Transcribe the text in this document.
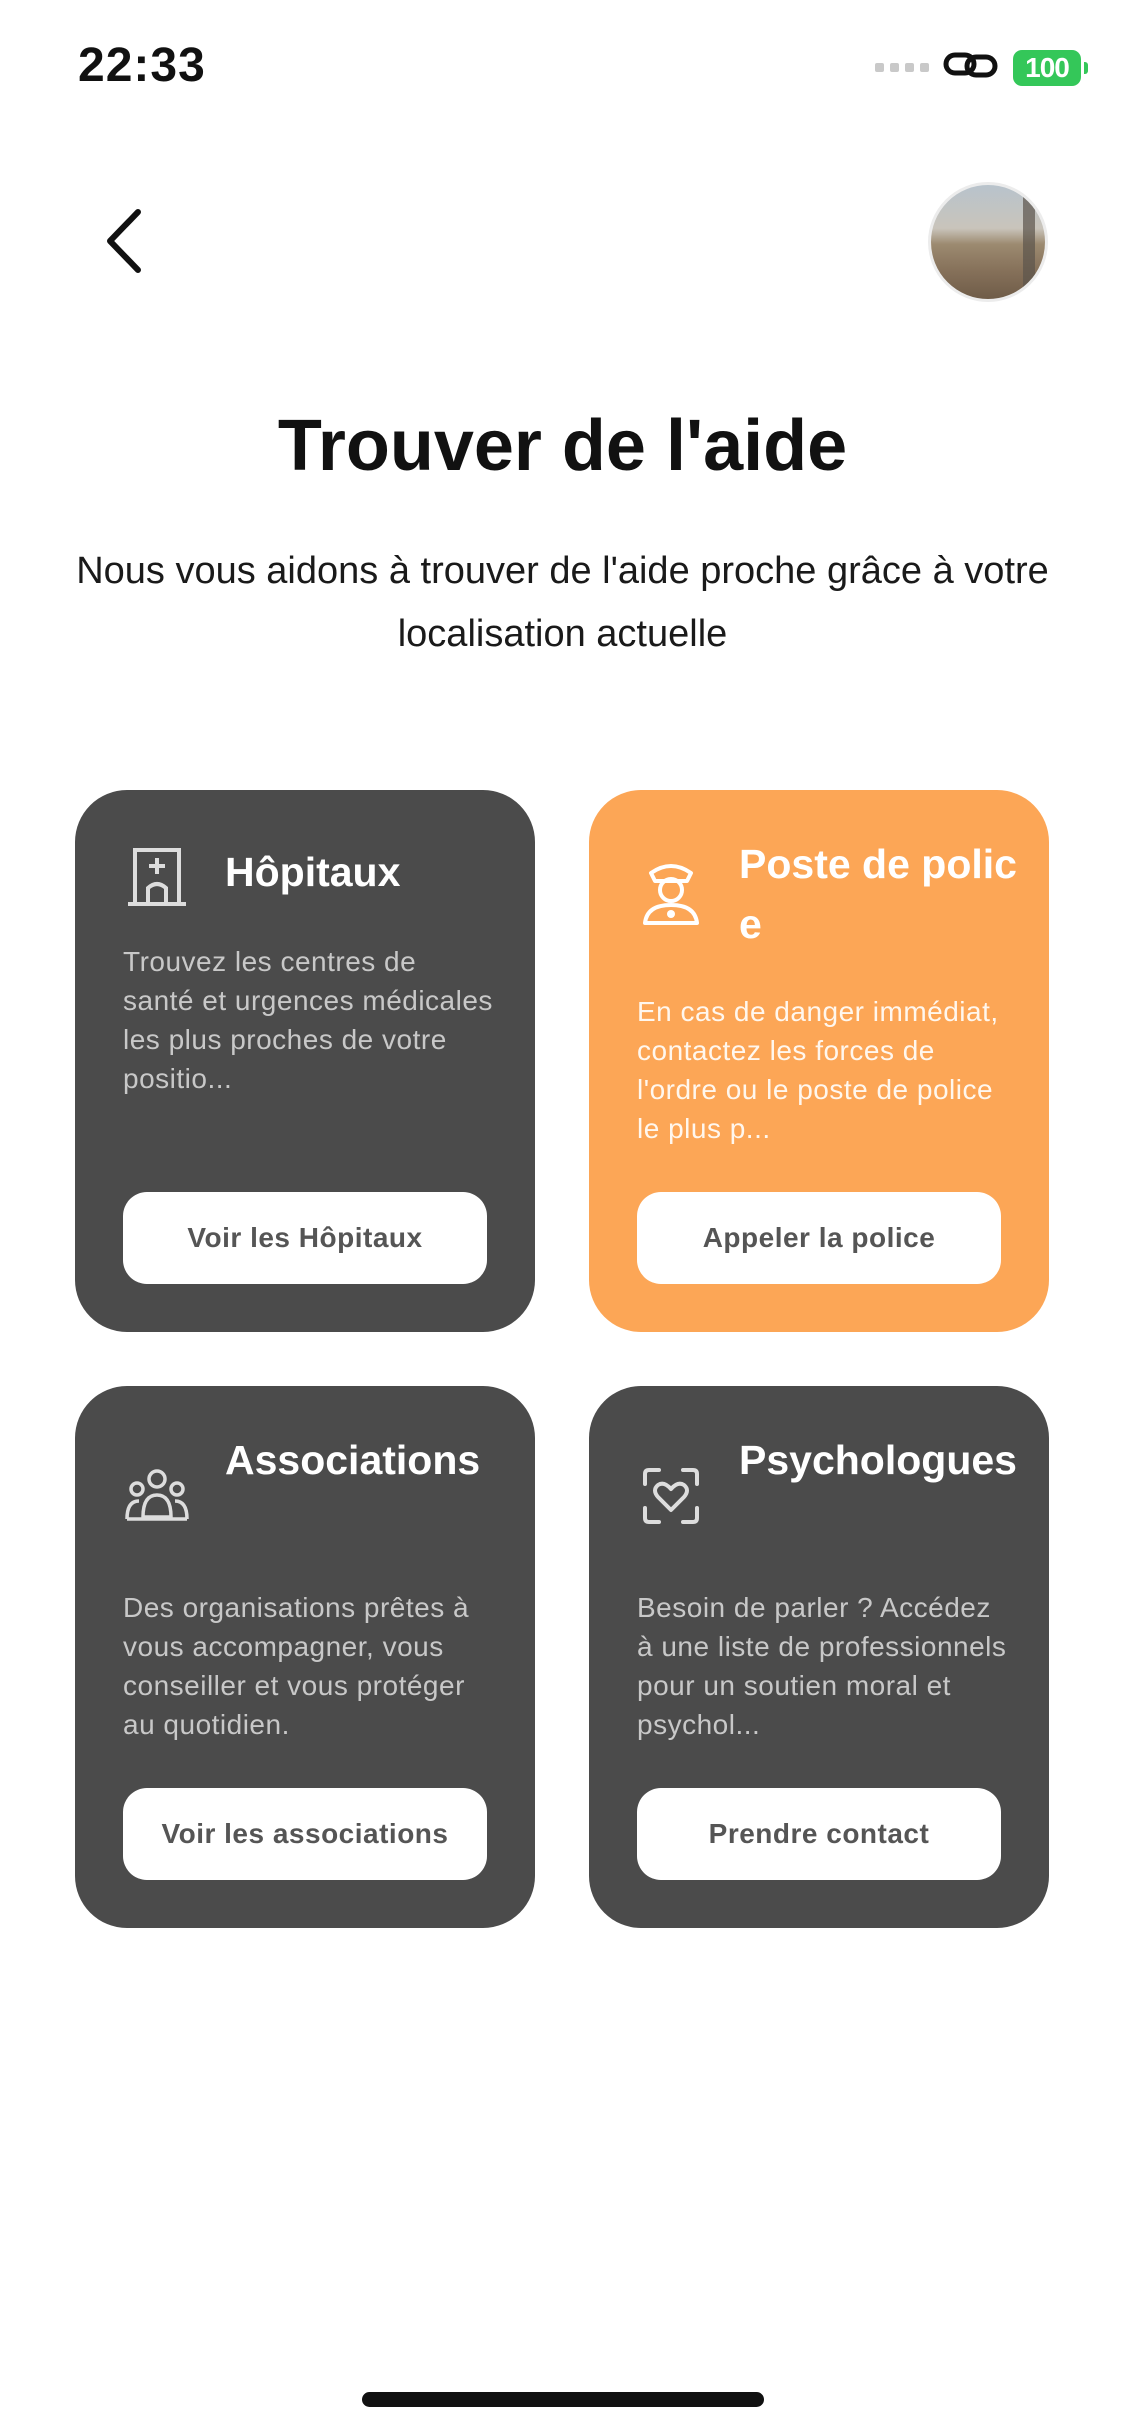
22:33	100
Trouver de l'aide
Nous vous aidons à trouver de l'aide proche grâce à votre localisation actuelle
Hôpitaux
Trouvez les centres de santé et urgences médicales les plus proches de votre positio...
Voir les Hôpitaux
Poste de police
En cas de danger immédiat, contactez les forces de l'ordre ou le poste de police le plus p...
Appeler la police
Associations
Des organisations prêtes à vous accompagner, vous conseiller et vous protéger au quotidien.
Voir les associations
Psychologues
Besoin de parler ? Accédez à une liste de professionnels pour un soutien moral et psychol...
Prendre contact
